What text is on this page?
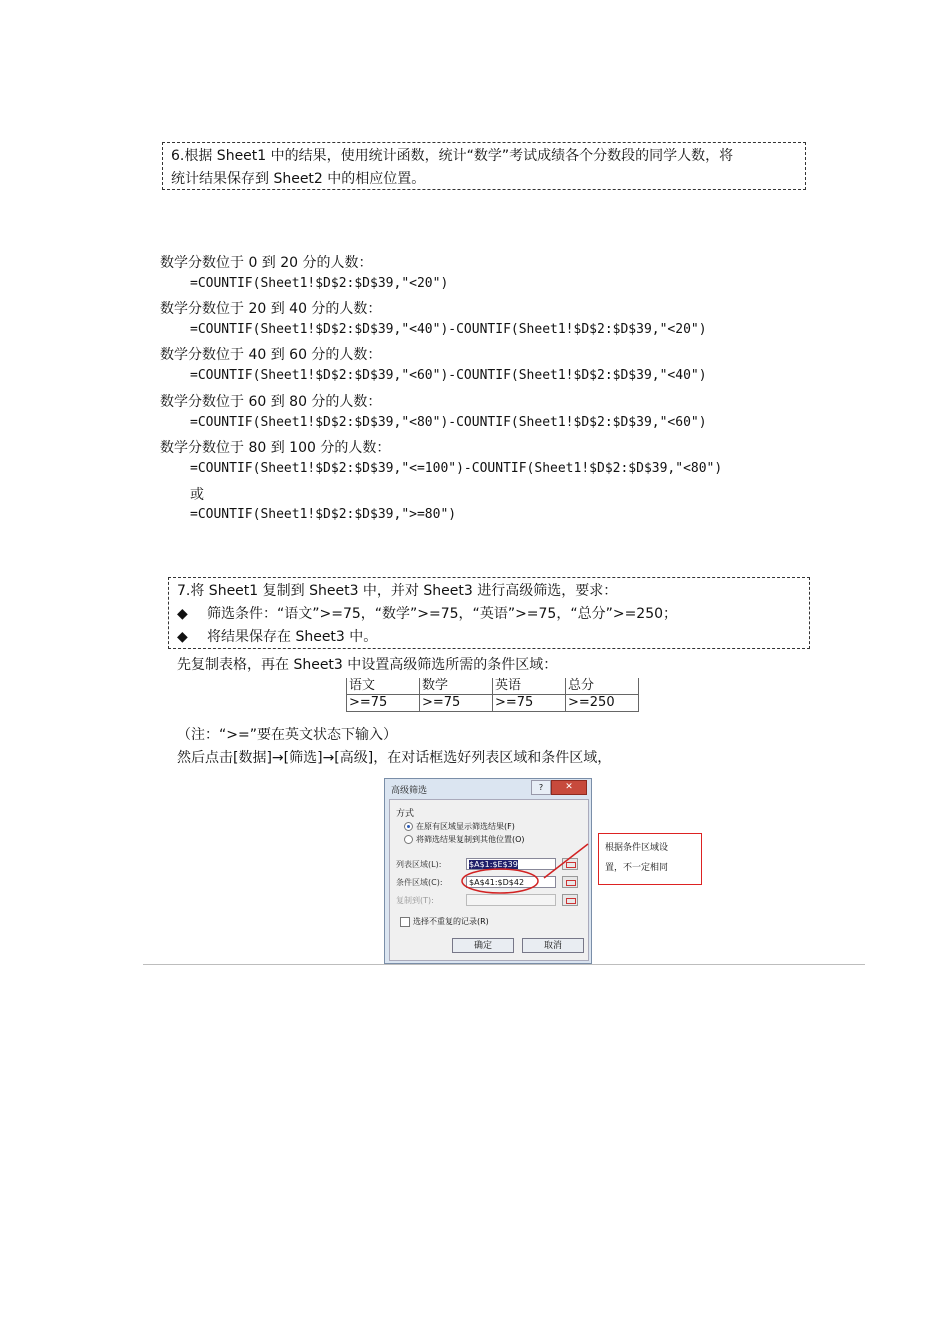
6.根据 Sheet1 中的结果，使用统计函数，统计“数学”考试成绩各个分数段的同学人数，将
统计结果保存到 Sheet2 中的相应位置。
数学分数位于 0 到 20 分的人数：
=COUNTIF(Sheet1!$D$2:$D$39,"<20")
数学分数位于 20 到 40 分的人数：
=COUNTIF(Sheet1!$D$2:$D$39,"<40")-COUNTIF(Sheet1!$D$2:$D$39,"<20")
数学分数位于 40 到 60 分的人数：
=COUNTIF(Sheet1!$D$2:$D$39,"<60")-COUNTIF(Sheet1!$D$2:$D$39,"<40")
数学分数位于 60 到 80 分的人数：
=COUNTIF(Sheet1!$D$2:$D$39,"<80")-COUNTIF(Sheet1!$D$2:$D$39,"<60")
数学分数位于 80 到 100 分的人数：
=COUNTIF(Sheet1!$D$2:$D$39,"<=100")-COUNTIF(Sheet1!$D$2:$D$39,"<80")
或
=COUNTIF(Sheet1!$D$2:$D$39,">=80")
7.将 Sheet1 复制到 Sheet3 中，并对 Sheet3 进行高级筛选，要求：
◆ 筛选条件：“语文”>=75，“数学”>=75，“英语”>=75，“总分”>=250；
◆ 将结果保存在 Sheet3 中。
先复制表格，再在 Sheet3 中设置高级筛选所需的条件区域：
语文	数学	英语	总分
>=75	>=75	>=75	>=250
（注：“>=”要在英文状态下输入）
然后点击[数据]→[筛选]→[高级]，在对话框选好列表区域和条件区域，
高级筛选	?	✕
方式
在原有区域显示筛选结果(F)
将筛选结果复制到其他位置(O)
列表区域(L):	$A$1:$E$39
条件区域(C):	$A$41:$D$42
复制到(T):
选择不重复的记录(R)
确定	取消
根据条件区域设
置，不一定相同
